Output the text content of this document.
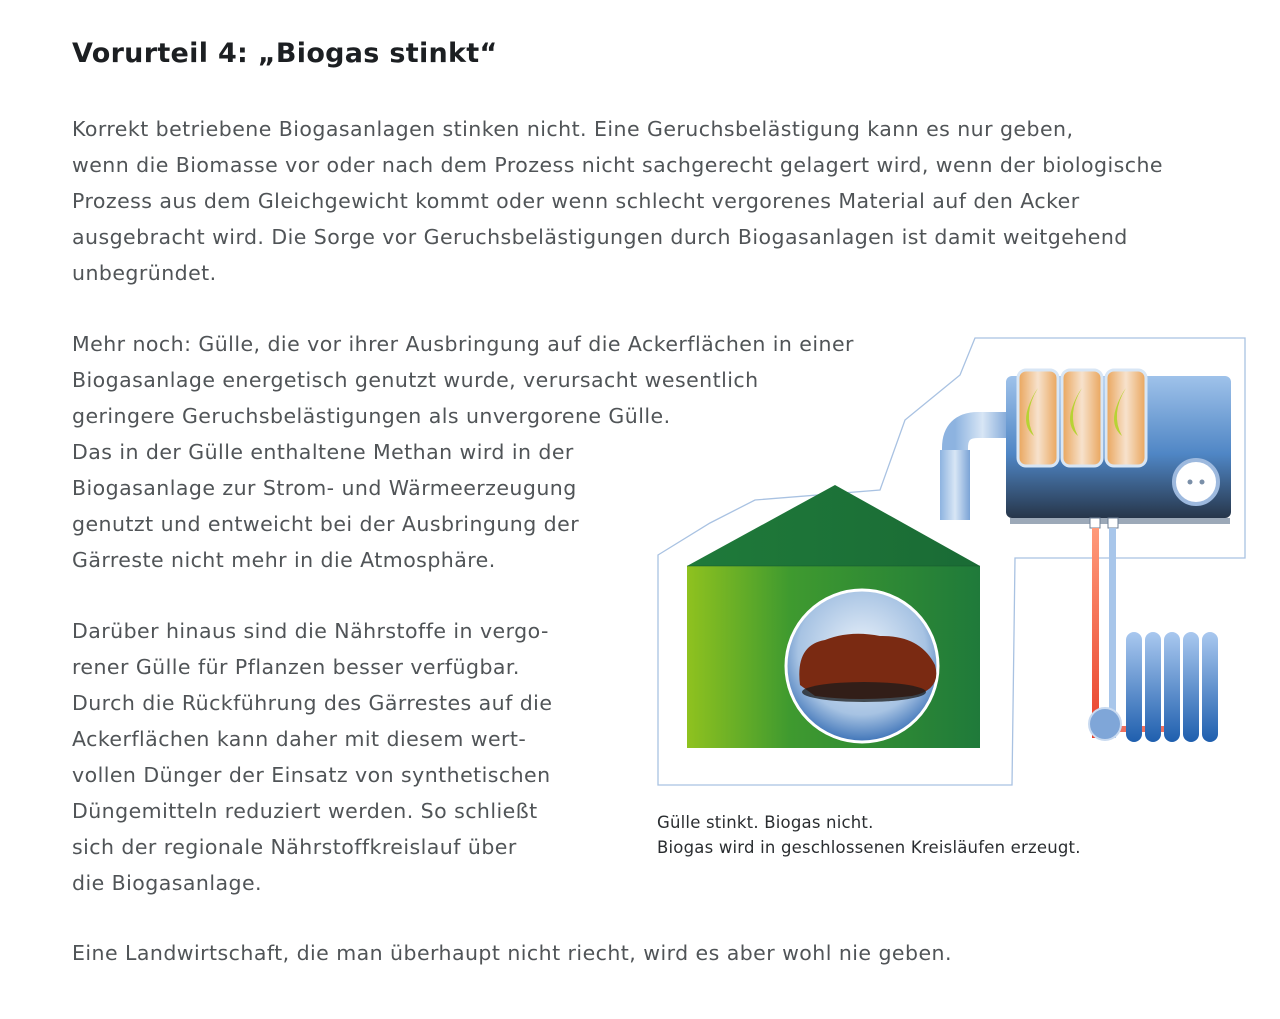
Vorurteil 4: „Biogas stinkt“

Korrekt betriebene Biogasanlagen stinken nicht. Eine Geruchsbelästigung kann es nur geben,
wenn die Biomasse vor oder nach dem Prozess nicht sachgerecht gelagert wird, wenn der biologische
Prozess aus dem Gleichgewicht kommt oder wenn schlecht vergorenes Material auf den Acker
ausgebracht wird. Die Sorge vor Geruchsbelästigungen durch Biogasanlagen ist damit weitgehend
unbegründet.

Mehr noch: Gülle, die vor ihrer Ausbringung auf die Ackerflächen in einer
Biogasanlage energetisch genutzt wurde, verursacht wesentlich
geringere Geruchsbelästigungen als unvergorene Gülle.
Das in der Gülle enthaltene Methan wird in der
Biogasanlage zur Strom- und Wärmeerzeugung
genutzt und entweicht bei der Ausbringung der
Gärreste nicht mehr in die Atmosphäre.

Darüber hinaus sind die Nährstoffe in vergo-
rener Gülle für Pflanzen besser verfügbar.
Durch die Rückführung des Gärrestes auf die
Ackerflächen kann daher mit diesem wert-
vollen Dünger der Einsatz von synthetischen
Düngemitteln reduziert werden. So schließt
sich der regionale Nährstoffkreislauf über
die Biogasanlage.

Eine Landwirtschaft, die man überhaupt nicht riecht, wird es aber wohl nie geben.

Gülle stinkt. Biogas nicht.
Biogas wird in geschlossenen Kreisläufen erzeugt.
